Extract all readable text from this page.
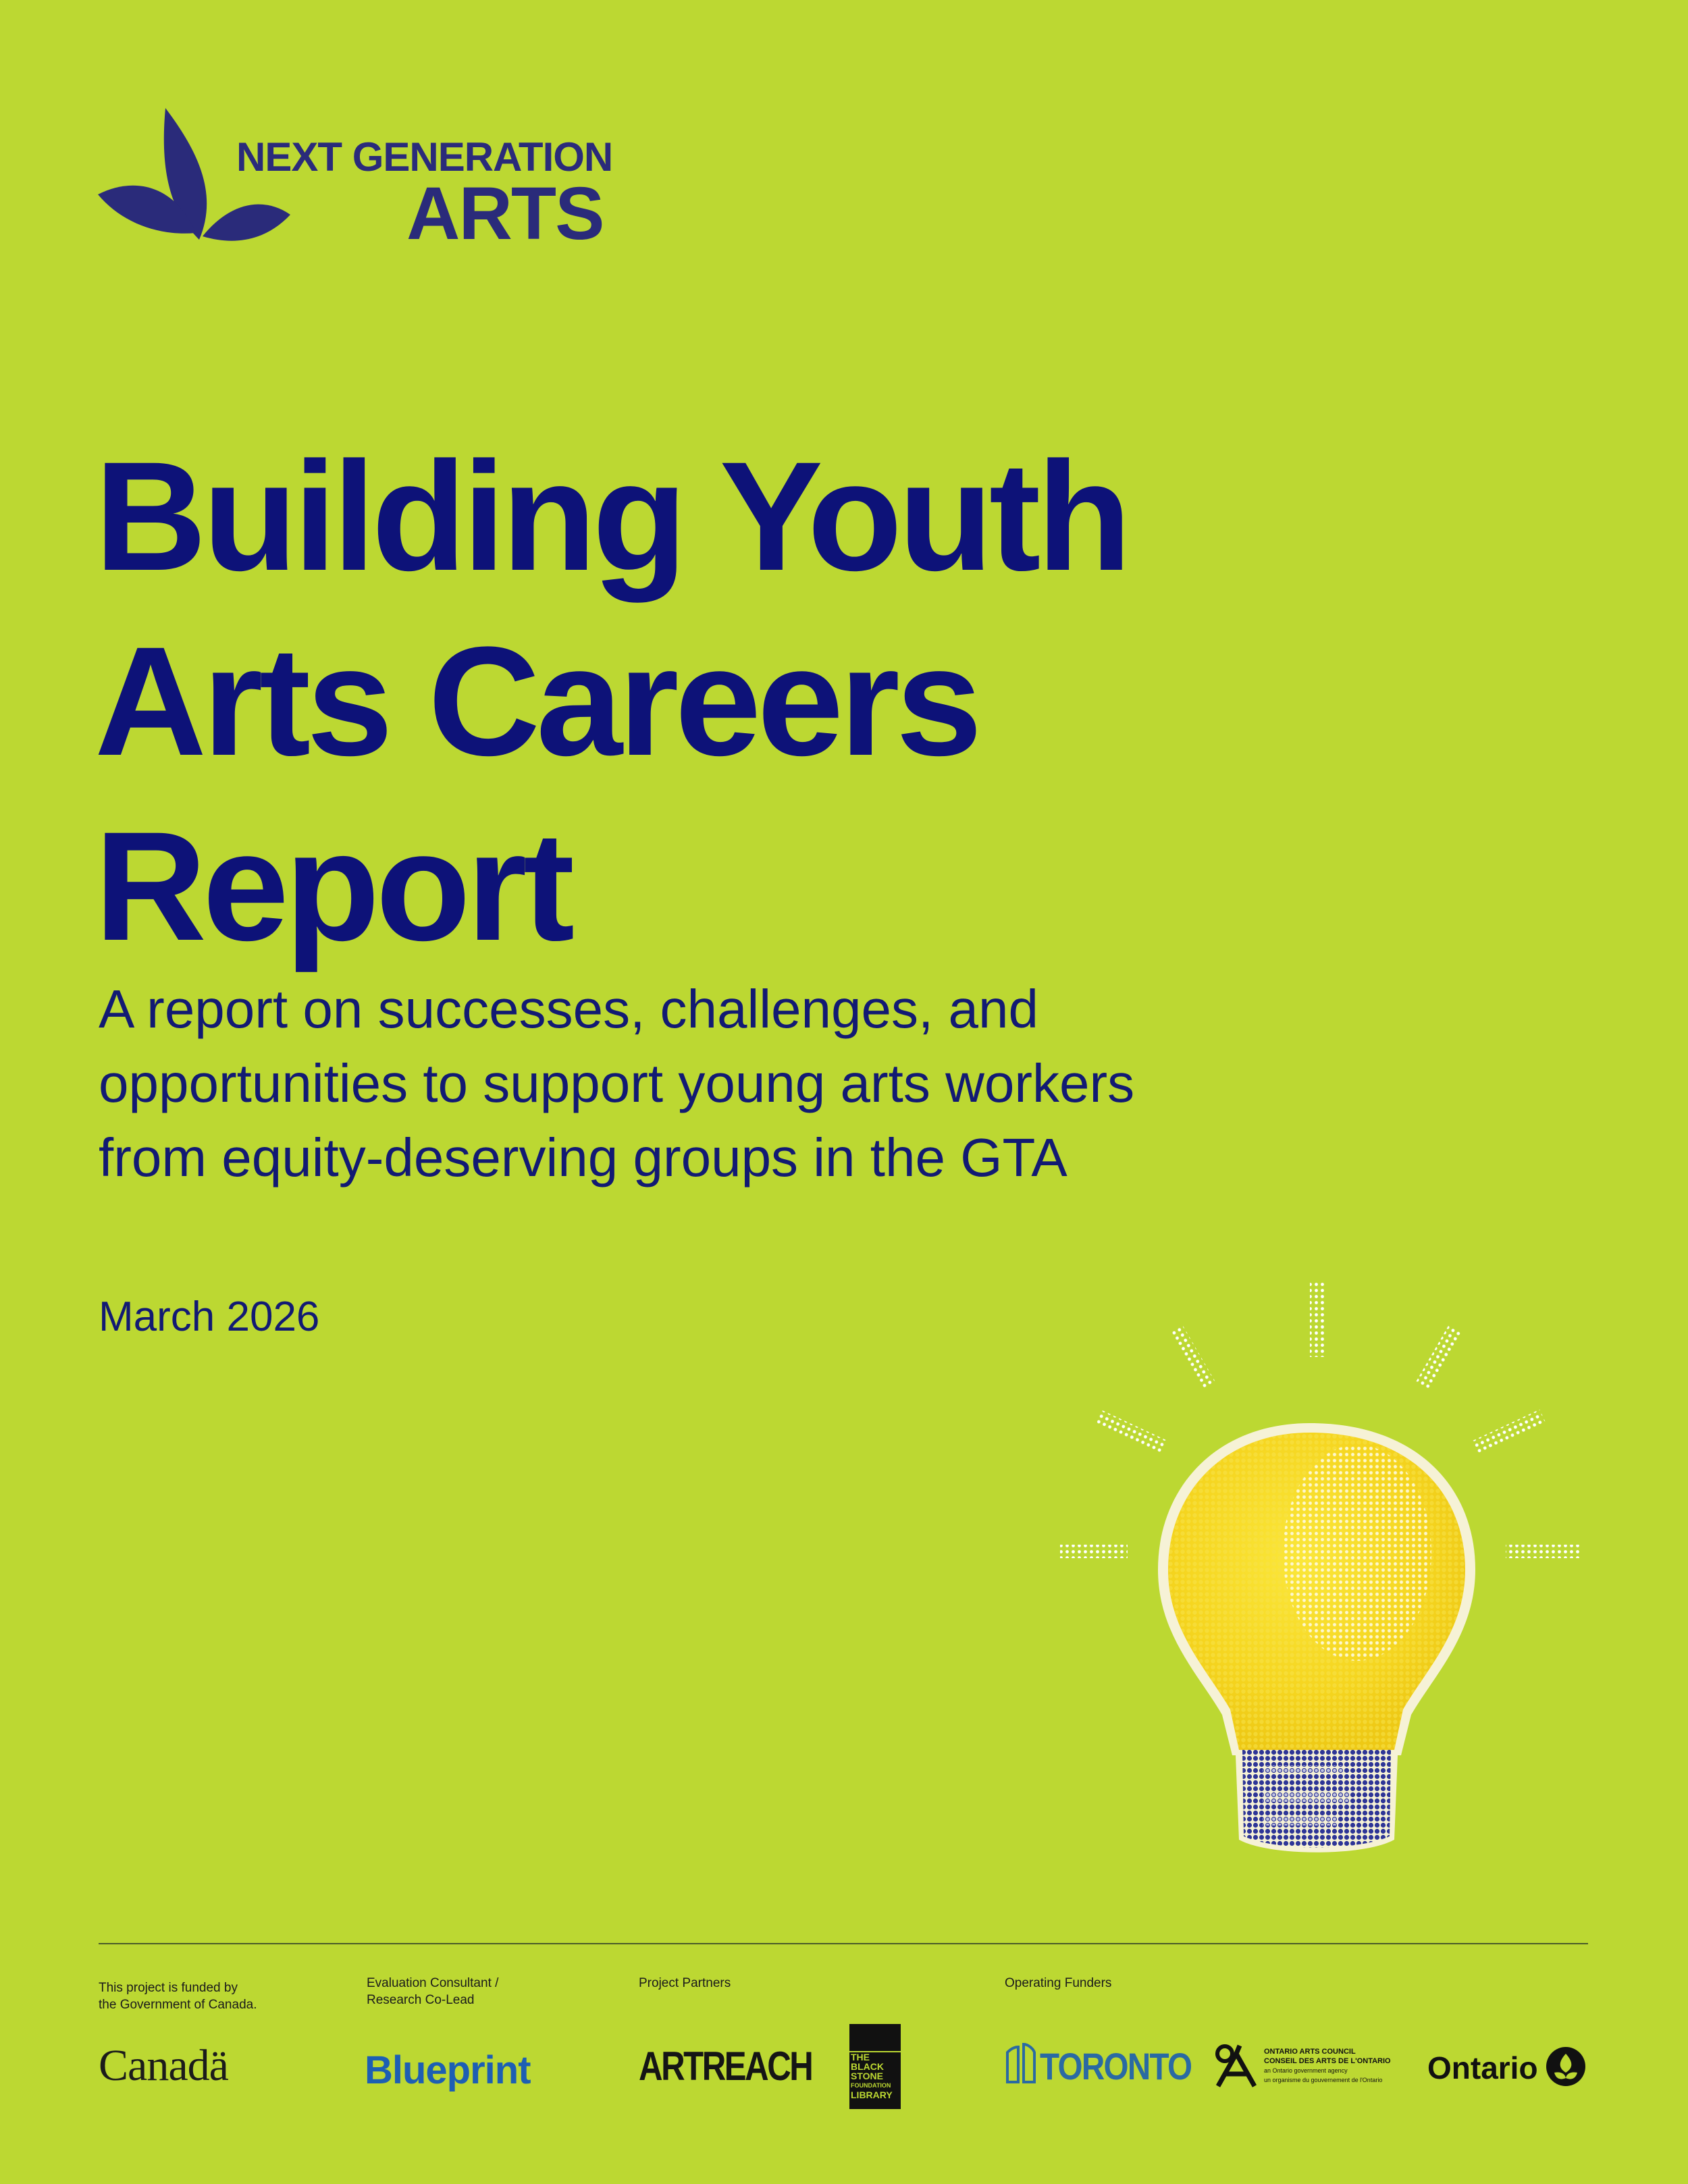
NEXT GENERATION
ARTS
Building Youth
Arts Careers
Report
A report on successes, challenges, and
opportunities to support young arts workers
from equity-deserving groups in the GTA
March 2026
This project is funded by
the Government of Canada.
Evaluation Consultant /
Research Co-Lead
Project Partners	Operating Funders
Canadä	Blueprint	ARTREACH	THE
BLACK
STONE
FOUNDATION
LIBRARY
TORONTO	ONTARIO ARTS COUNCIL
CONSEIL DES ARTS DE L'ONTARIO
an Ontario government agency
un organisme du gouvernement de l'Ontario Ontario
